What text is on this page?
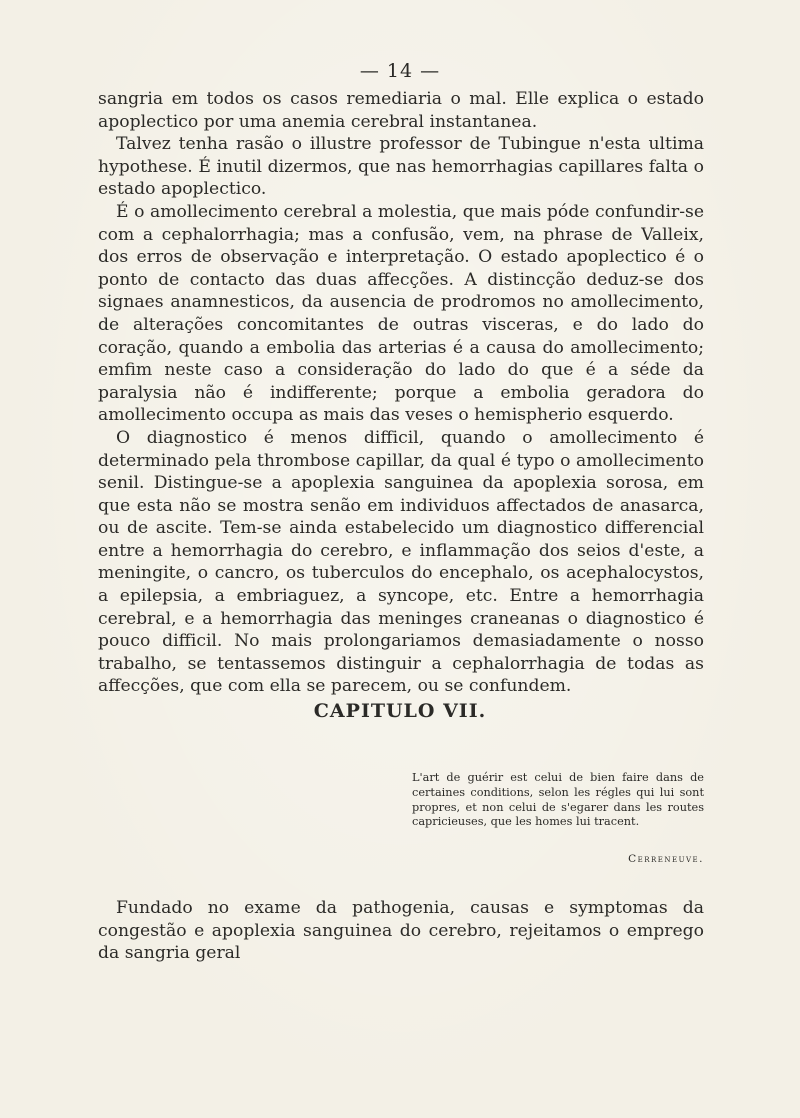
— 14 —

sangria em todos os casos remediaria o mal. Elle explica o estado apoplectico por uma anemia cerebral instantanea.

Talvez tenha rasão o illustre professor de Tubingue n'esta ultima hypothese. É inutil dizermos, que nas hemorrhagias capillares falta o estado apoplectico.

É o amollecimento cerebral a molestia, que mais póde confundir-se com a cephalorrhagia; mas a confusão, vem, na phrase de Valleix, dos erros de observação e interpretação. O estado apoplectico é o ponto de contacto das duas affecções. A distincção deduz-se dos signaes anamnesticos, da ausencia de prodromos no amollecimento, de alterações concomitantes de outras visceras, e do lado do coração, quando a embolia das arterias é a causa do amollecimento; emfim neste caso a consideração do lado do que é a séde da paralysia não é indifferente; porque a embolia geradora do amollecimento occupa as mais das veses o hemispherio esquerdo.

O diagnostico é menos difficil, quando o amollecimento é determinado pela thrombose capillar, da qual é typo o amollecimento senil. Distingue-se a apoplexia sanguinea da apoplexia sorosa, em que esta não se mostra senão em individuos affectados de anasarca, ou de ascite. Tem-se ainda estabelecido um diagnostico differencial entre a hemorrhagia do cerebro, e inflammação dos seios d'este, a meningite, o cancro, os tuberculos do encephalo, os acephalocystos, a epilepsia, a embriaguez, a syncope, etc. Entre a hemorrhagia cerebral, e a hemorrhagia das meninges craneanas o diagnostico é pouco difficil. No mais prolongariamos demasiadamente o nosso trabalho, se tentassemos distinguir a cephalorrhagia de todas as affecções, que com ella se parecem, ou se confundem.

CAPITULO VII.
L'art de guérir est celui de bien faire dans de certaines conditions, selon les régles qui lui sont propres, et non celui de s'egarer dans les routes capricieuses, que les homes lui tracent.
Cerreneuve.

Fundado no exame da pathogenia, causas e symptomas da congestão e apoplexia sanguinea do cerebro, rejeitamos o emprego da sangria geral
